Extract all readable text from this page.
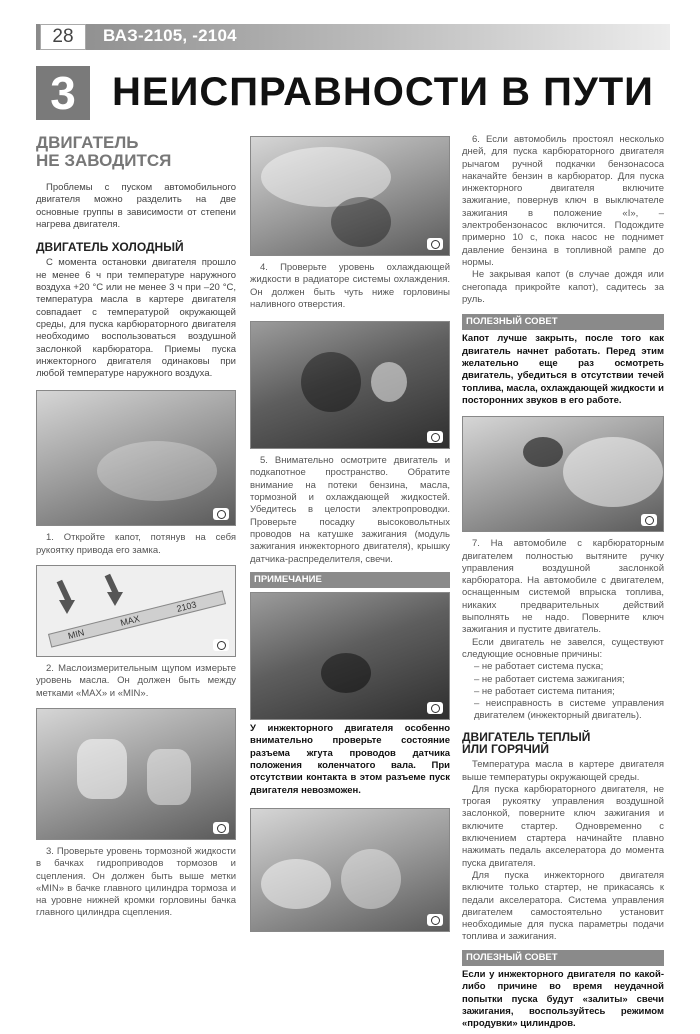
28	ВАЗ-2105, -2104
3 НЕИСПРАВНОСТИ В ПУТИ
ДВИГАТЕЛЬ
НЕ ЗАВОДИТСЯ
Проблемы с пуском автомобильного двигателя можно разделить на две основные группы в зависимости от степени нагрева двигателя.
ДВИГАТЕЛЬ ХОЛОДНЫЙ
С момента остановки двигателя прошло не менее 6 ч при температуре наружного воздуха +20 °С или не менее 3 ч при –20 °С, температура масла в картере двигателя совпадает с температурой окружающей среды, для пуска карбюраторного двигателя необходимо воспользоваться воздушной заслонкой карбюратора. Приемы пуска инжекторного двигателя одинаковы при любой температуре наружного воздуха.
1. Откройте капот, потянув на себя рукоятку привода его замка.
MIN
MAX
2103
2. Маслоизмерительным щупом измерьте уровень масла. Он должен быть между метками «MAX» и «MIN».
3. Проверьте уровень тормозной жидкости в бачках гидроприводов тормозов и сцепления. Он должен быть выше метки «MIN» в бачке главного цилиндра тормоза и на уровне нижней кромки горловины бачка главного цилиндра сцепления.
4. Проверьте уровень охлаждающей жидкости в радиаторе системы охлаждения. Он должен быть чуть ниже горловины наливного отверстия.
5. Внимательно осмотрите двигатель и подкапотное пространство. Обратите внимание на потеки бензина, масла, тормозной и охлаждающей жидкостей. Убедитесь в целости электропроводки. Проверьте посадку высоковольтных проводов на катушке зажигания (модуль зажигания инжекторного двигателя), крышку датчика-распределителя, свечи.
ПРИМЕЧАНИЕ
У инжекторного двигателя особенно внимательно проверьте состояние разъема жгута проводов датчика положения коленчатого вала. При отсутствии контакта в этом разъеме пуск двигателя невозможен.
6. Если автомобиль простоял несколько дней, для пуска карбюраторного двигателя рычагом ручной подкачки бензонасоса накачайте бензин в карбюратор. Для пуска инжекторного двигателя включите зажигание, повернув ключ в выключателе зажигания в положение «I», – электробензонасос включится. Подождите примерно 10 с, пока насос не поднимет давление бензина в топливной рампе до нормы.
Не закрывая капот (в случае дождя или снегопада прикройте капот), садитесь за руль.
ПОЛЕЗНЫЙ СОВЕТ
Капот лучше закрыть, после того как двигатель начнет работать. Перед этим желательно еще раз осмотреть двигатель, убедиться в отсутствии течей топлива, масла, охлаждающей жидкости и посторонних звуков в его работе.
7. На автомобиле с карбюраторным двигателем полностью вытяните ручку управления воздушной заслонкой карбюратора. На автомобиле с двигателем, оснащенным системой впрыска топлива, никаких предварительных действий выполнять не надо. Поверните ключ зажигания и пустите двигатель.
Если двигатель не завелся, существуют следующие основные причины:
– не работает система пуска;
– не работает система зажигания;
– не работает система питания;
– неисправность в системе управления двигателем (инжекторный двигатель).
ДВИГАТЕЛЬ ТЕПЛЫЙ
ИЛИ ГОРЯЧИЙ
Температура масла в картере двигателя выше температуры окружающей среды.
Для пуска карбюраторного двигателя, не трогая рукоятку управления воздушной заслонкой, поверните ключ зажигания и включите стартер. Одновременно с включением стартера начинайте плавно нажимать педаль акселератора до момента пуска двигателя.
Для пуска инжекторного двигателя включите только стартер, не прикасаясь к педали акселератора. Система управления двигателем самостоятельно установит необходимые для пуска параметры подачи топлива и зажигания.
ПОЛЕЗНЫЙ СОВЕТ
Если у инжекторного двигателя по какой-либо причине во время неудачной попытки пуска будут «залиты» свечи зажигания, воспользуйтесь режимом «продувки» цилиндров.
